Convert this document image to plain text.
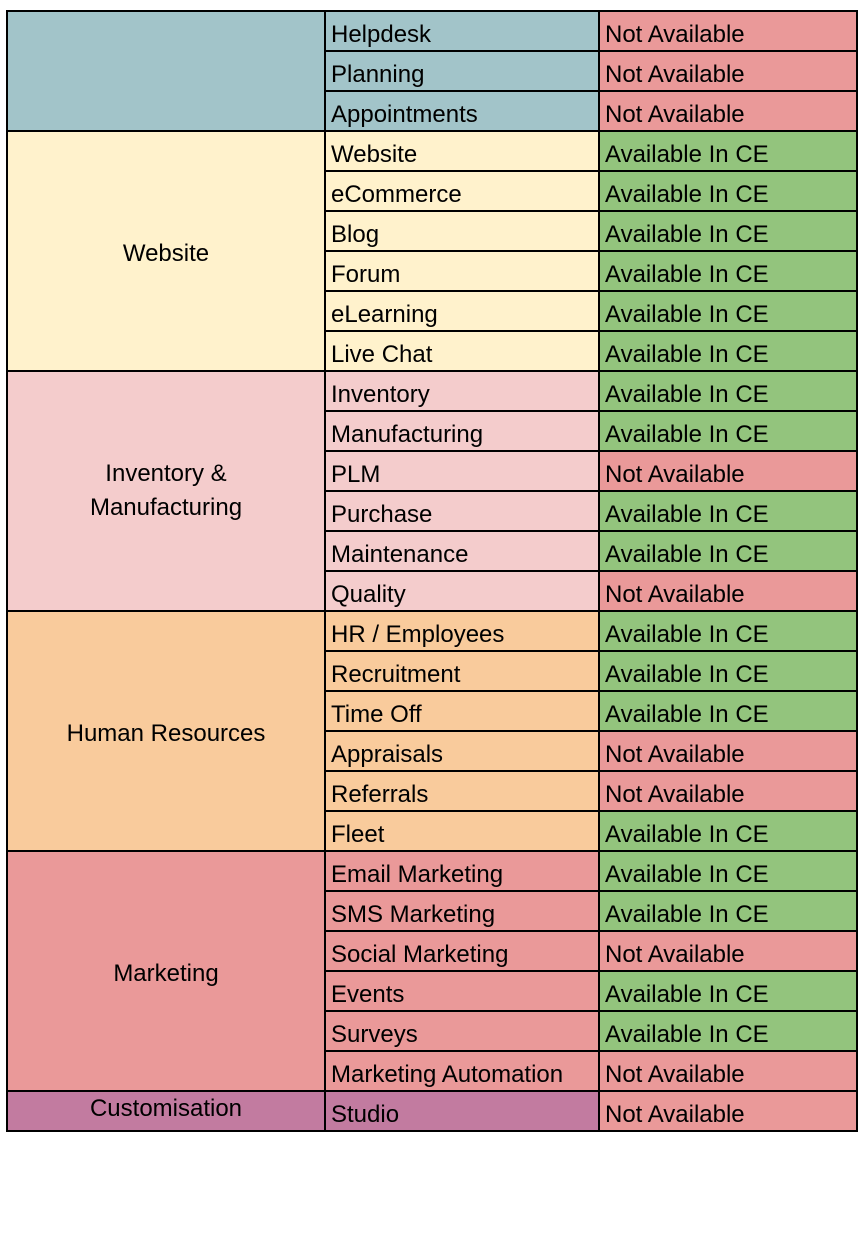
	Helpdesk	Not Available

	Planning	Not Available

	Appointments	Not Available

Website	Website	Available In CE

	eCommerce	Available In CE

	Blog	Available In CE

	Forum	Available In CE

	eLearning	Available In CE

	Live Chat	Available In CE

Inventory & Manufacturing	Inventory	Available In CE

	Manufacturing	Available In CE

	PLM	Not Available

	Purchase	Available In CE

	Maintenance	Available In CE

	Quality	Not Available

Human Resources	HR / Employees	Available In CE

	Recruitment	Available In CE

	Time Off	Available In CE

	Appraisals	Not Available

	Referrals	Not Available

	Fleet	Available In CE

Marketing	Email Marketing	Available In CE

	SMS Marketing	Available In CE

	Social Marketing	Not Available

	Events	Available In CE

	Surveys	Available In CE

	Marketing Automation	Not Available

Customisation	Studio	Not Available
